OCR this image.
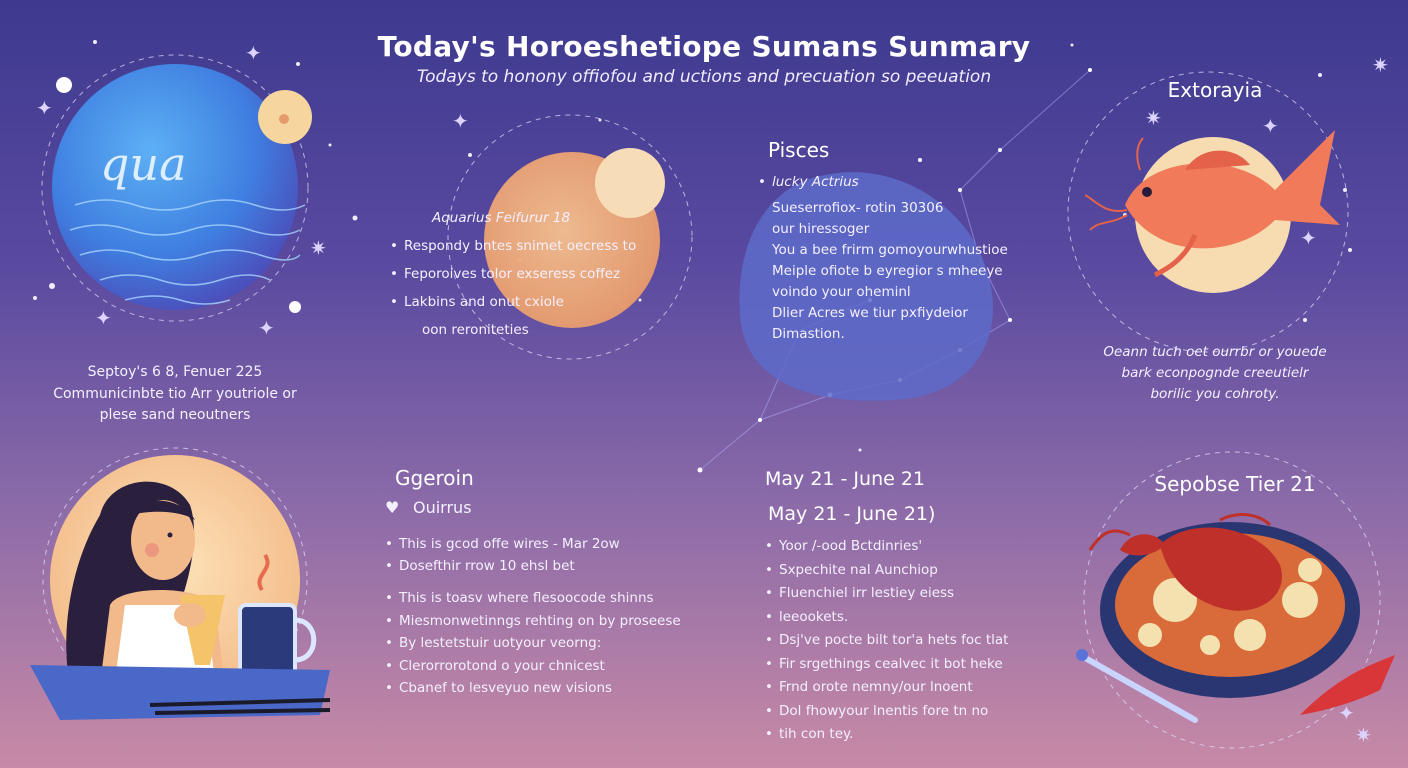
✦
✦
✷
✦	✦
✦
✷
✷	✦
✦
✷
✦
qua
Today's Horoeshetiope Sumans Sunmary
Todays to honony offiofou and uctions and precuation so peeuation
Septoy's 6 8, Fenuer 225
Communicinbte tio Arr youtriole or
plese sand neoutners
Aquarius Feifurur 18
• Respondy bntes snimet oecress to
• Feporoives tolor exseress coffez
• Lakbins and onut cxiole
oon reroniteties
Pisces
• lucky Actrius
Sueserrofiox- rotin 30306
our hiressoger
You a bee frirm gomoyourwhustioe
Meiple ofiote b eyregior s mheeye
voindo your oheminl
Dlier Acres we tiur pxfiydeior
Dimastion.
Extorayia
Oeann tuch oet ourrbr or youede
bark econpognde creeutielr
borilic you cohroty.
Ggeroin
♥ Ouirrus
• This is gcod offe wires - Mar 2ow
• Dosefthir rrow 10 ehsl bet
• This is toasv where flesoocode shinns
• Miesmonwetinngs rehting on by proseese
• By lestetstuir uotyour veorng:
• Clerorrorotond o your chnicest
• Cbanef to lesveyuo new visions
May 21 - June 21
May 21 - June 21)
• Yoor /-ood Bctdinries'
• Sxpechite nal Aunchiop
• Fluenchiel irr lestiey eiess
• leeookets.
• Dsj've pocte bilt tor'a hets foc tlat
• Fir srgethings cealvec it bot heke
• Frnd orote nemny/our lnoent
• Dol fhowyour lnentis fore tn no
• tih con tey.
Sepobse Tier 21
